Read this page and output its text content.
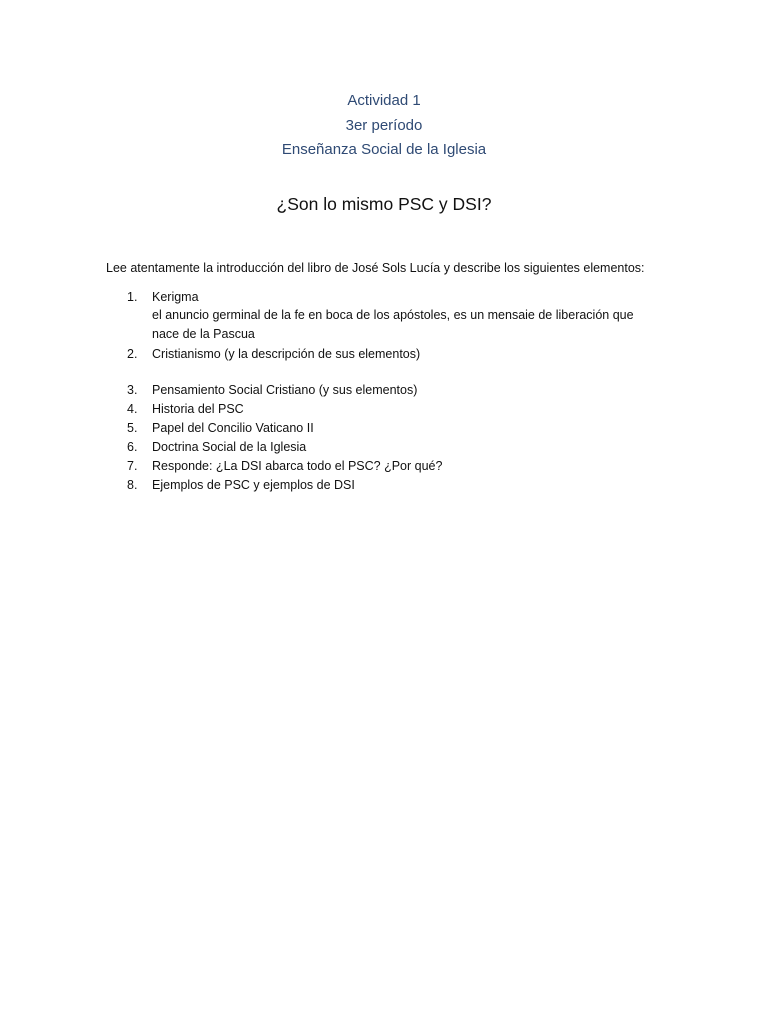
Actividad 1
3er período
Enseñanza Social de la Iglesia
¿Son lo mismo PSC y DSI?
Lee atentamente la introducción del libro de José Sols Lucía y describe los siguientes elementos:
1.	Kerigma
el anuncio germinal de la fe en boca de los apóstoles, es un mensaie de liberación que nace de la Pascua
2.	Cristianismo (y la descripción de sus elementos)
3.	Pensamiento Social Cristiano (y sus elementos)
4.	Historia del PSC
5.	Papel del Concilio Vaticano II
6.	Doctrina Social de la Iglesia
7.	Responde: ¿La DSI abarca todo el PSC? ¿Por qué?
8.	Ejemplos de PSC y ejemplos de DSI
